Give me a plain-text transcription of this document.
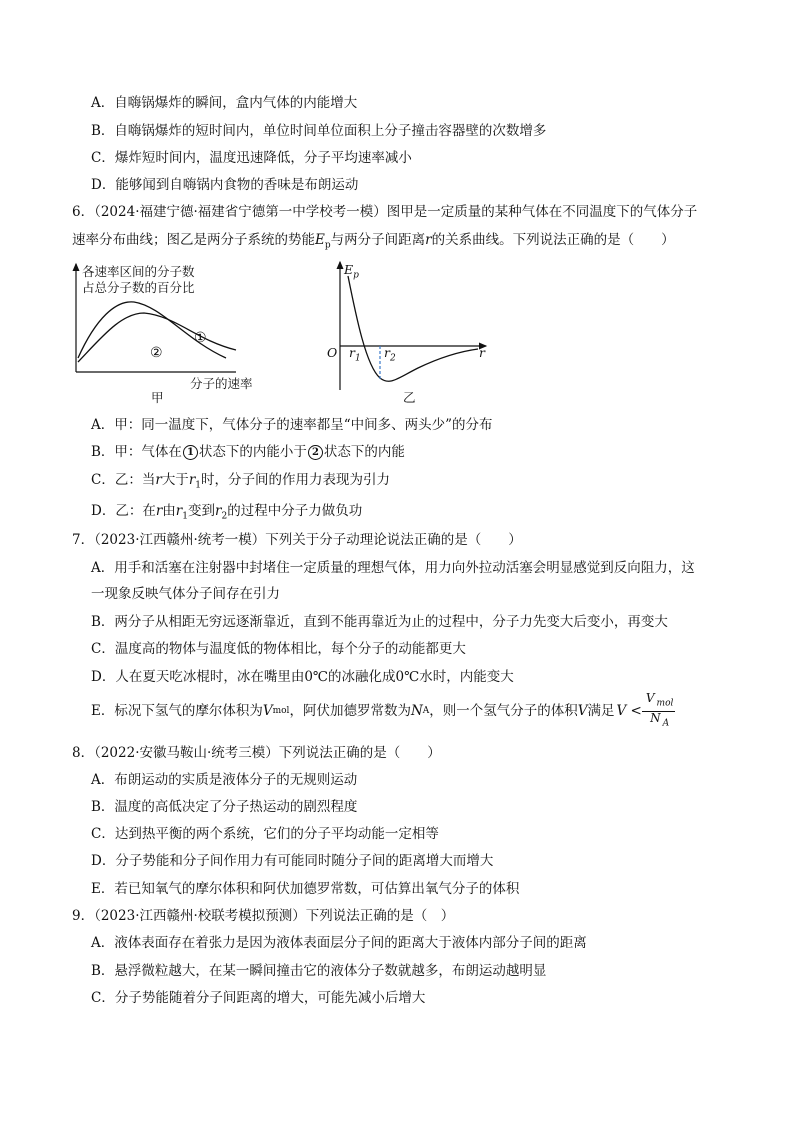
A．自嗨锅爆炸的瞬间，盒内气体的内能增大
B．自嗨锅爆炸的短时间内，单位时间单位面积上分子撞击容器壁的次数增多
C．爆炸短时间内，温度迅速降低，分子平均速率减小
D．能够闻到自嗨锅内食物的香味是布朗运动
6．（2024·福建宁德·福建省宁德第一中学校考一模）图甲是一定质量的某种气体在不同温度下的气体分子
速率分布曲线；图乙是两分子系统的势能$E_p$与两分子间距离r的关系曲线。下列说法正确的是（　　）
各速率区间的分子数
占总分子数的百分比
①
②
分子的速率
甲
$E_p$
O $r_1$ $r_2$	r
乙
A．甲：同一温度下，气体分子的速率都呈“中间多、两头少”的分布
B．甲：气体在 1 状态下的内能小于 2 状态下的内能
C．乙：当r大于$r_1$时，分子间的作用力表现为引力
D．乙：在r由$r_1$变到$r_2$的过程中分子力做负功
7．（2023·江西赣州·统考一模）下列关于分子动理论说法正确的是（　　）
A．用手和活塞在注射器中封堵住一定质量的理想气体，用力向外拉动活塞会明显感觉到反向阻力，这
一现象反映气体分子间存在引力
B．两分子从相距无穷远逐渐靠近，直到不能再靠近为止的过程中，分子力先变大后变小，再变大
C．温度高的物体与温度低的物体相比，每个分子的动能都更大
D．人在夏天吃冰棍时，冰在嘴里由0℃的冰融化成0℃水时，内能变大
E．标况下氢气的摩尔体积为 V mol ，阿伏加德罗常数为 N A ，则一个氢气分子的体积 V 满足 $V < \frac{V _{mol}}{N _A}$
8．（2022·安徽马鞍山·统考三模）下列说法正确的是（　　）
A．布朗运动的实质是液体分子的无规则运动
B．温度的高低决定了分子热运动的剧烈程度
C．达到热平衡的两个系统，它们的分子平均动能一定相等
D．分子势能和分子间作用力有可能同时随分子间的距离增大而增大
E．若已知氧气的摩尔体积和阿伏加德罗常数，可估算出氧气分子的体积
9．（2023·江西赣州·校联考模拟预测）下列说法正确的是（　）
A．液体表面存在着张力是因为液体表面层分子间的距离大于液体内部分子间的距离
B．悬浮微粒越大，在某一瞬间撞击它的液体分子数就越多，布朗运动越明显
C．分子势能随着分子间距离的增大，可能先减小后增大
